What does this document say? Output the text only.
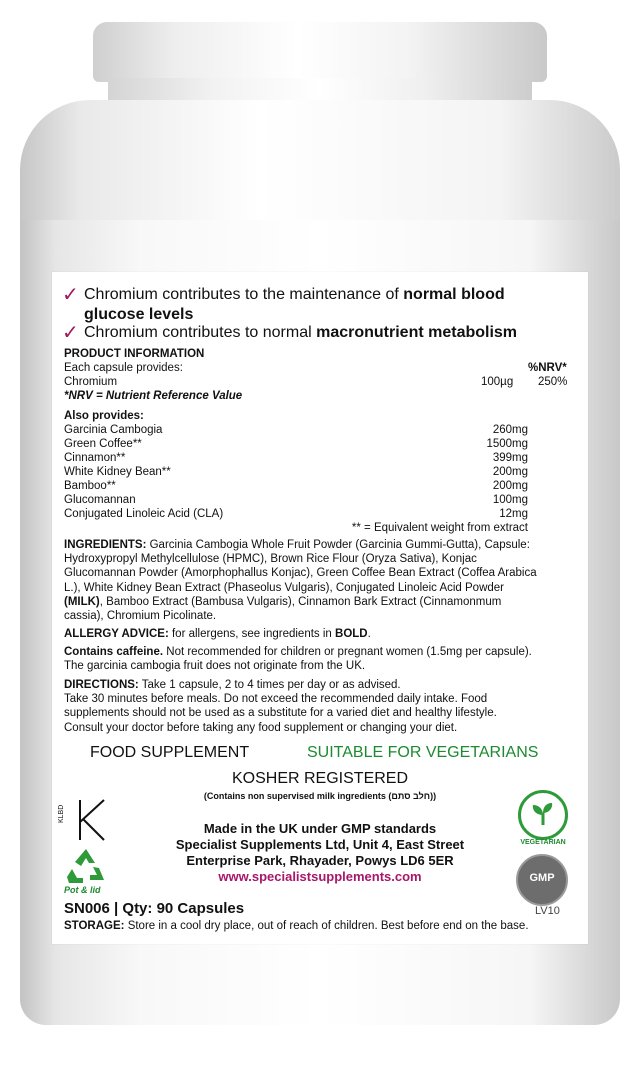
✓ Chromium contributes to the maintenance of normal blood
glucose levels
✓ Chromium contributes to normal macronutrient metabolism
PRODUCT INFORMATION
Each capsule provides:	%NRV*
Chromium	100µg 250%
*NRV = Nutrient Reference Value
Also provides:
Garcinia Cambogia	260mg
Green Coffee**	1500mg
Cinnamon**	399mg
White Kidney Bean**	200mg
Bamboo**	200mg
Glucomannan	100mg
Conjugated Linoleic Acid (CLA)	12mg
** = Equivalent weight from extract
INGREDIENTS: Garcinia Cambogia Whole Fruit Powder (Garcinia Gummi-Gutta), Capsule:
Hydroxypropyl Methylcellulose (HPMC), Brown Rice Flour (Oryza Sativa), Konjac
Glucomannan Powder (Amorphophallus Konjac), Green Coffee Bean Extract (Coffea Arabica
L.), White Kidney Bean Extract (Phaseolus Vulgaris), Conjugated Linoleic Acid Powder
(MILK), Bamboo Extract (Bambusa Vulgaris), Cinnamon Bark Extract (Cinnamonmum
cassia), Chromium Picolinate.
ALLERGY ADVICE: for allergens, see ingredients in BOLD.
Contains caffeine. Not recommended for children or pregnant women (1.5mg per capsule).
The garcinia cambogia fruit does not originate from the UK.
DIRECTIONS: Take 1 capsule, 2 to 4 times per day or as advised.
Take 30 minutes before meals. Do not exceed the recommended daily intake. Food
supplements should not be used as a substitute for a varied diet and healthy lifestyle.
Consult your doctor before taking any food supplement or changing your diet.
FOOD SUPPLEMENT	SUITABLE FOR VEGETARIANS
KOSHER REGISTERED
(Contains non supervised milk ingredients (חלב סתם))
KLBD
Pot & lid
Made in the UK under GMP standards
Specialist Supplements Ltd, Unit 4, East Street
Enterprise Park, Rhayader, Powys LD6 5ER
www.specialistsupplements.com
VEGETARIAN
GMP
SN006 | Qty: 90 Capsules	LV10
STORAGE: Store in a cool dry place, out of reach of children. Best before end on the base.
